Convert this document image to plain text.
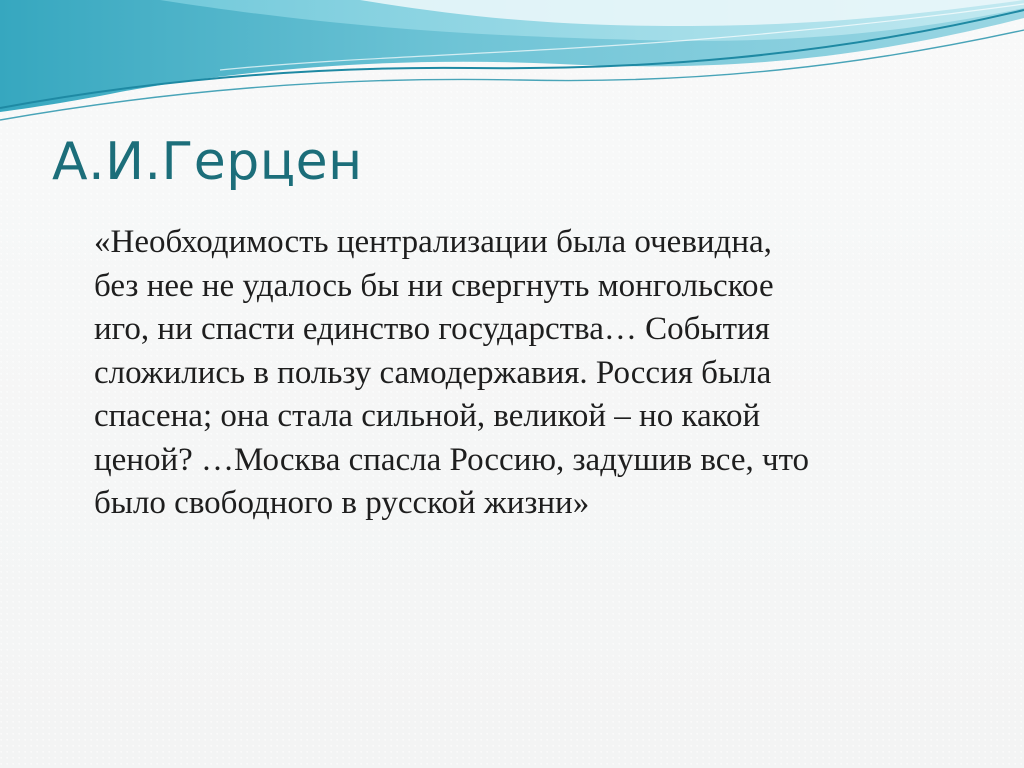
А.И.Герцен
«Необходимость централизации была очевидна,
без нее не удалось бы ни свергнуть монгольское
иго, ни спасти единство государства… События
сложились в пользу самодержавия. Россия была
спасена; она стала сильной, великой – но какой
ценой? …Москва спасла Россию, задушив все, что
было свободного в русской жизни»
